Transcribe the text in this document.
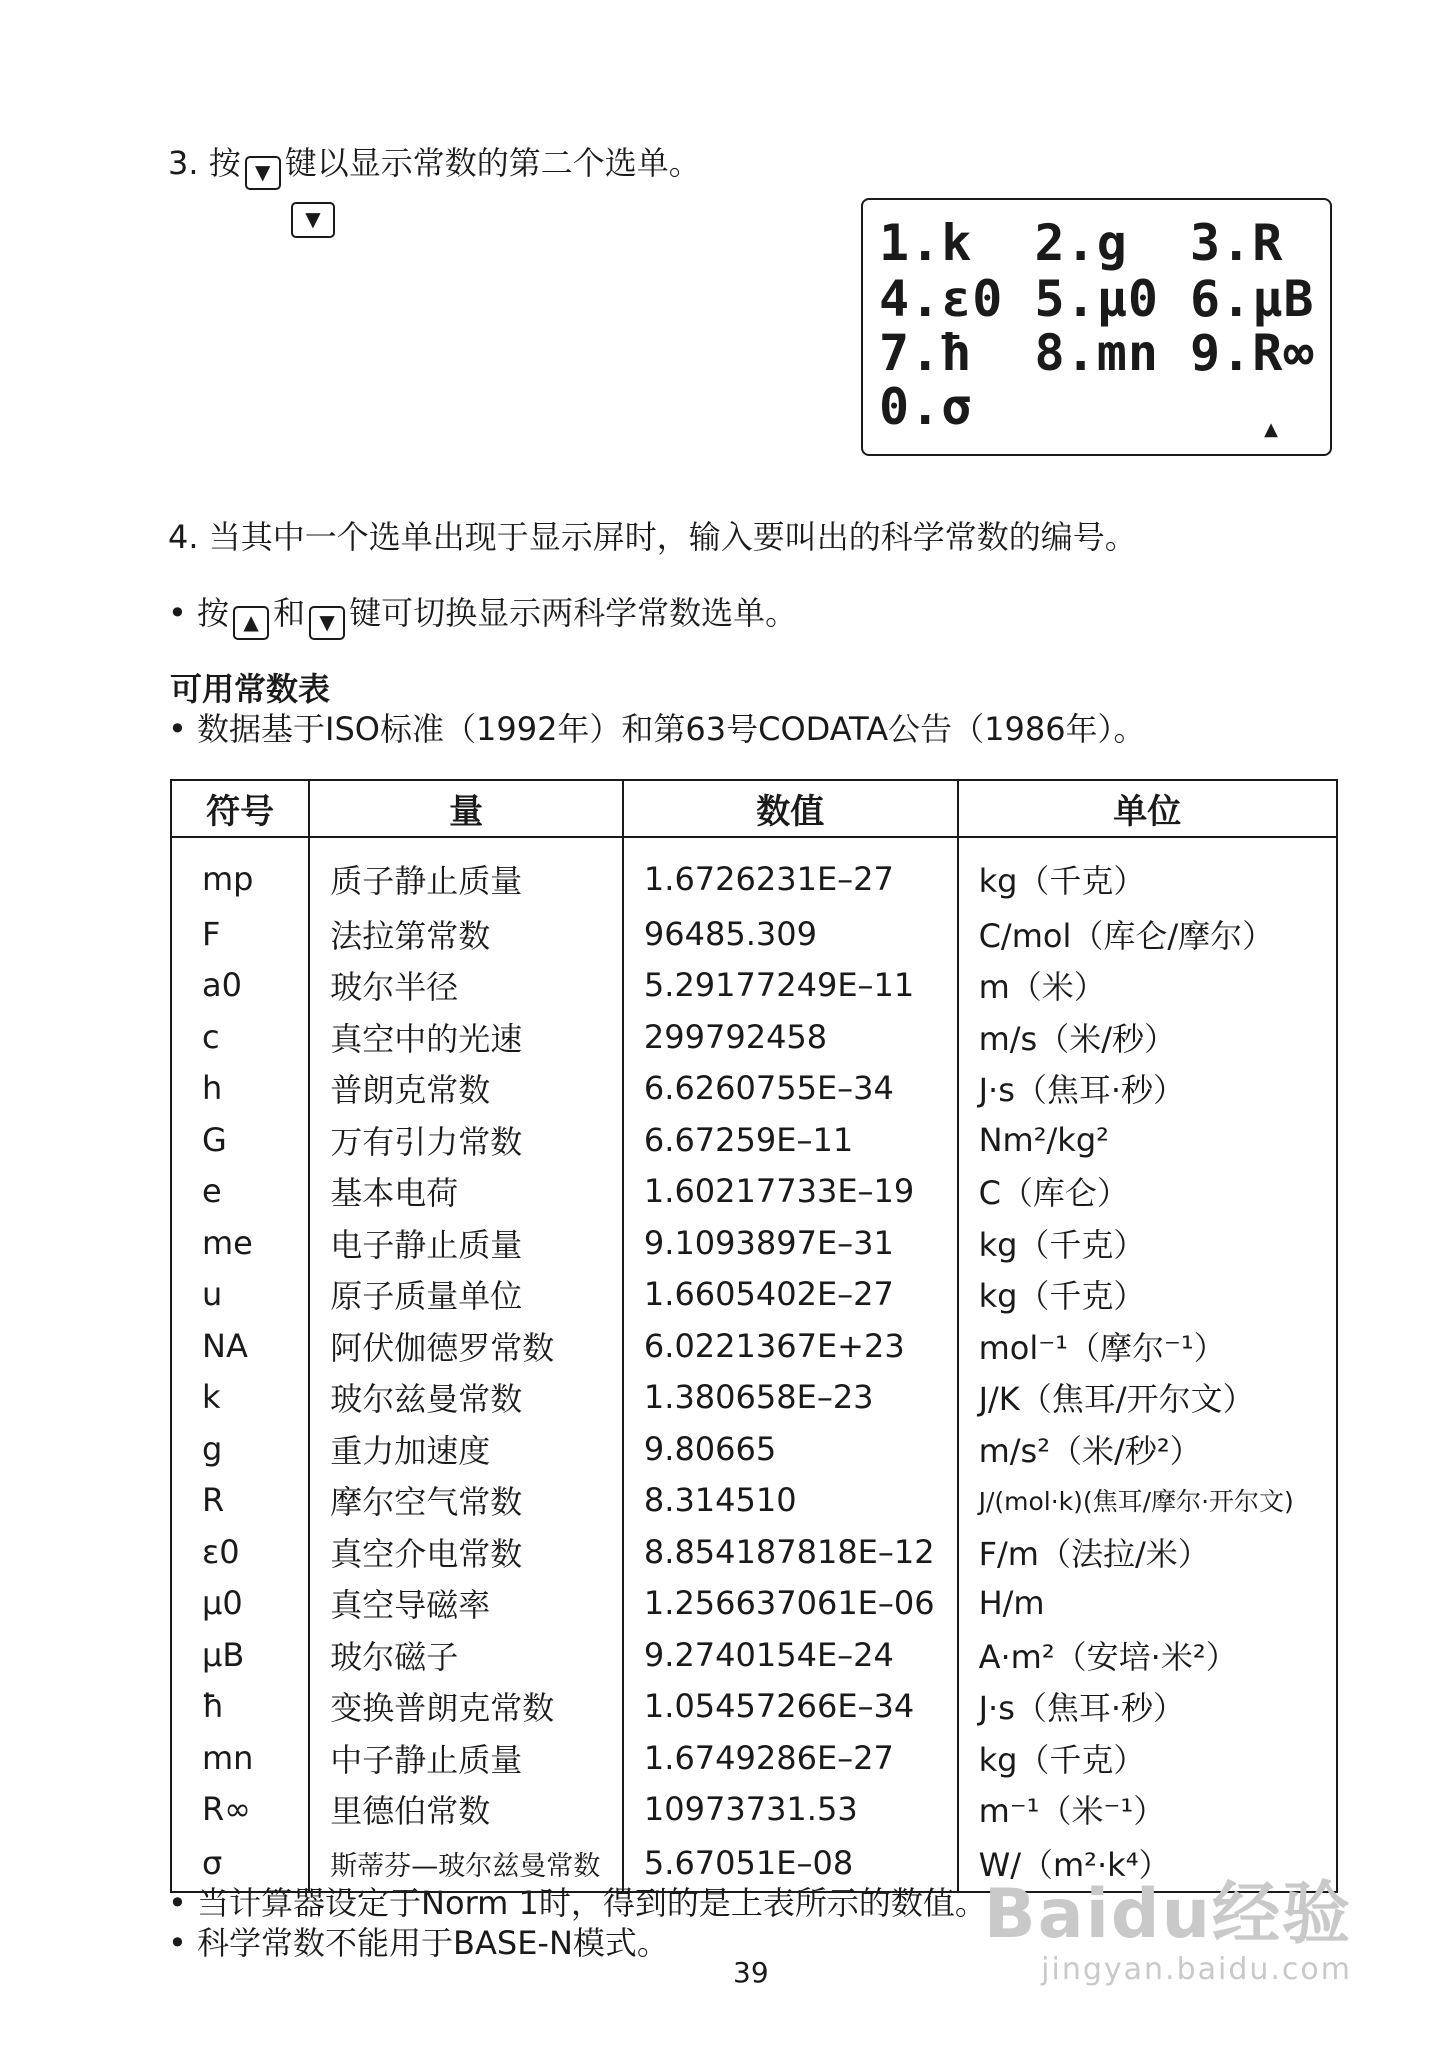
3. 按 ▼ 键以显示常数的第二个选单。
▼	1.k  2.g  3.R
4.ε0 5.μ0 6.μB
7.ħ  8.mn 9.R∞
0.σ	▲
4. 当其中一个选单出现于显示屏时，输入要叫出的科学常数的编号。
• 按 ▲ 和 ▼ 键可切换显示两科学常数选单。
可用常数表
• 数据基于ISO标准（1992年）和第63号CODATA公告（1986年）。
符号	量	数值	单位
mp	质子静止质量	1.6726231E–27	kg（千克）
F	法拉第常数	96485.309	C/mol（库仑/摩尔）
a0	玻尔半径	5.29177249E–11	m（米）
c	真空中的光速	299792458	m/s（米/秒）
h	普朗克常数	6.6260755E–34	J·s（焦耳·秒）
G	万有引力常数	6.67259E–11	Nm²/kg²
e	基本电荷	1.60217733E–19	C（库仑）
me	电子静止质量	9.1093897E–31	kg（千克）
u	原子质量单位	1.6605402E–27	kg（千克）
NA	阿伏伽德罗常数	6.0221367E+23	mol⁻¹（摩尔⁻¹）
k	玻尔兹曼常数	1.380658E–23	J/K（焦耳/开尔文）
g	重力加速度	9.80665	m/s²（米/秒²）
R	摩尔空气常数	8.314510	J/(mol·k)(焦耳/摩尔·开尔文)
ε0	真空介电常数	8.854187818E–12	F/m（法拉/米）
μ0	真空导磁率	1.256637061E–06	H/m
μB	玻尔磁子	9.2740154E–24	A·m²（安培·米²）
ħ	变换普朗克常数	1.05457266E–34	J·s（焦耳·秒）
mn	中子静止质量	1.6749286E–27	kg（千克）
R∞	里德伯常数	10973731.53	m⁻¹（米⁻¹）
σ	斯蒂芬—玻尔兹曼常数	5.67051E–08	W/（m²·k⁴）
• 当计算器设定于Norm 1时，得到的是上表所示的数值。
• 科学常数不能用于BASE-N模式。
39
Baidu经验
jingyan.baidu.com
